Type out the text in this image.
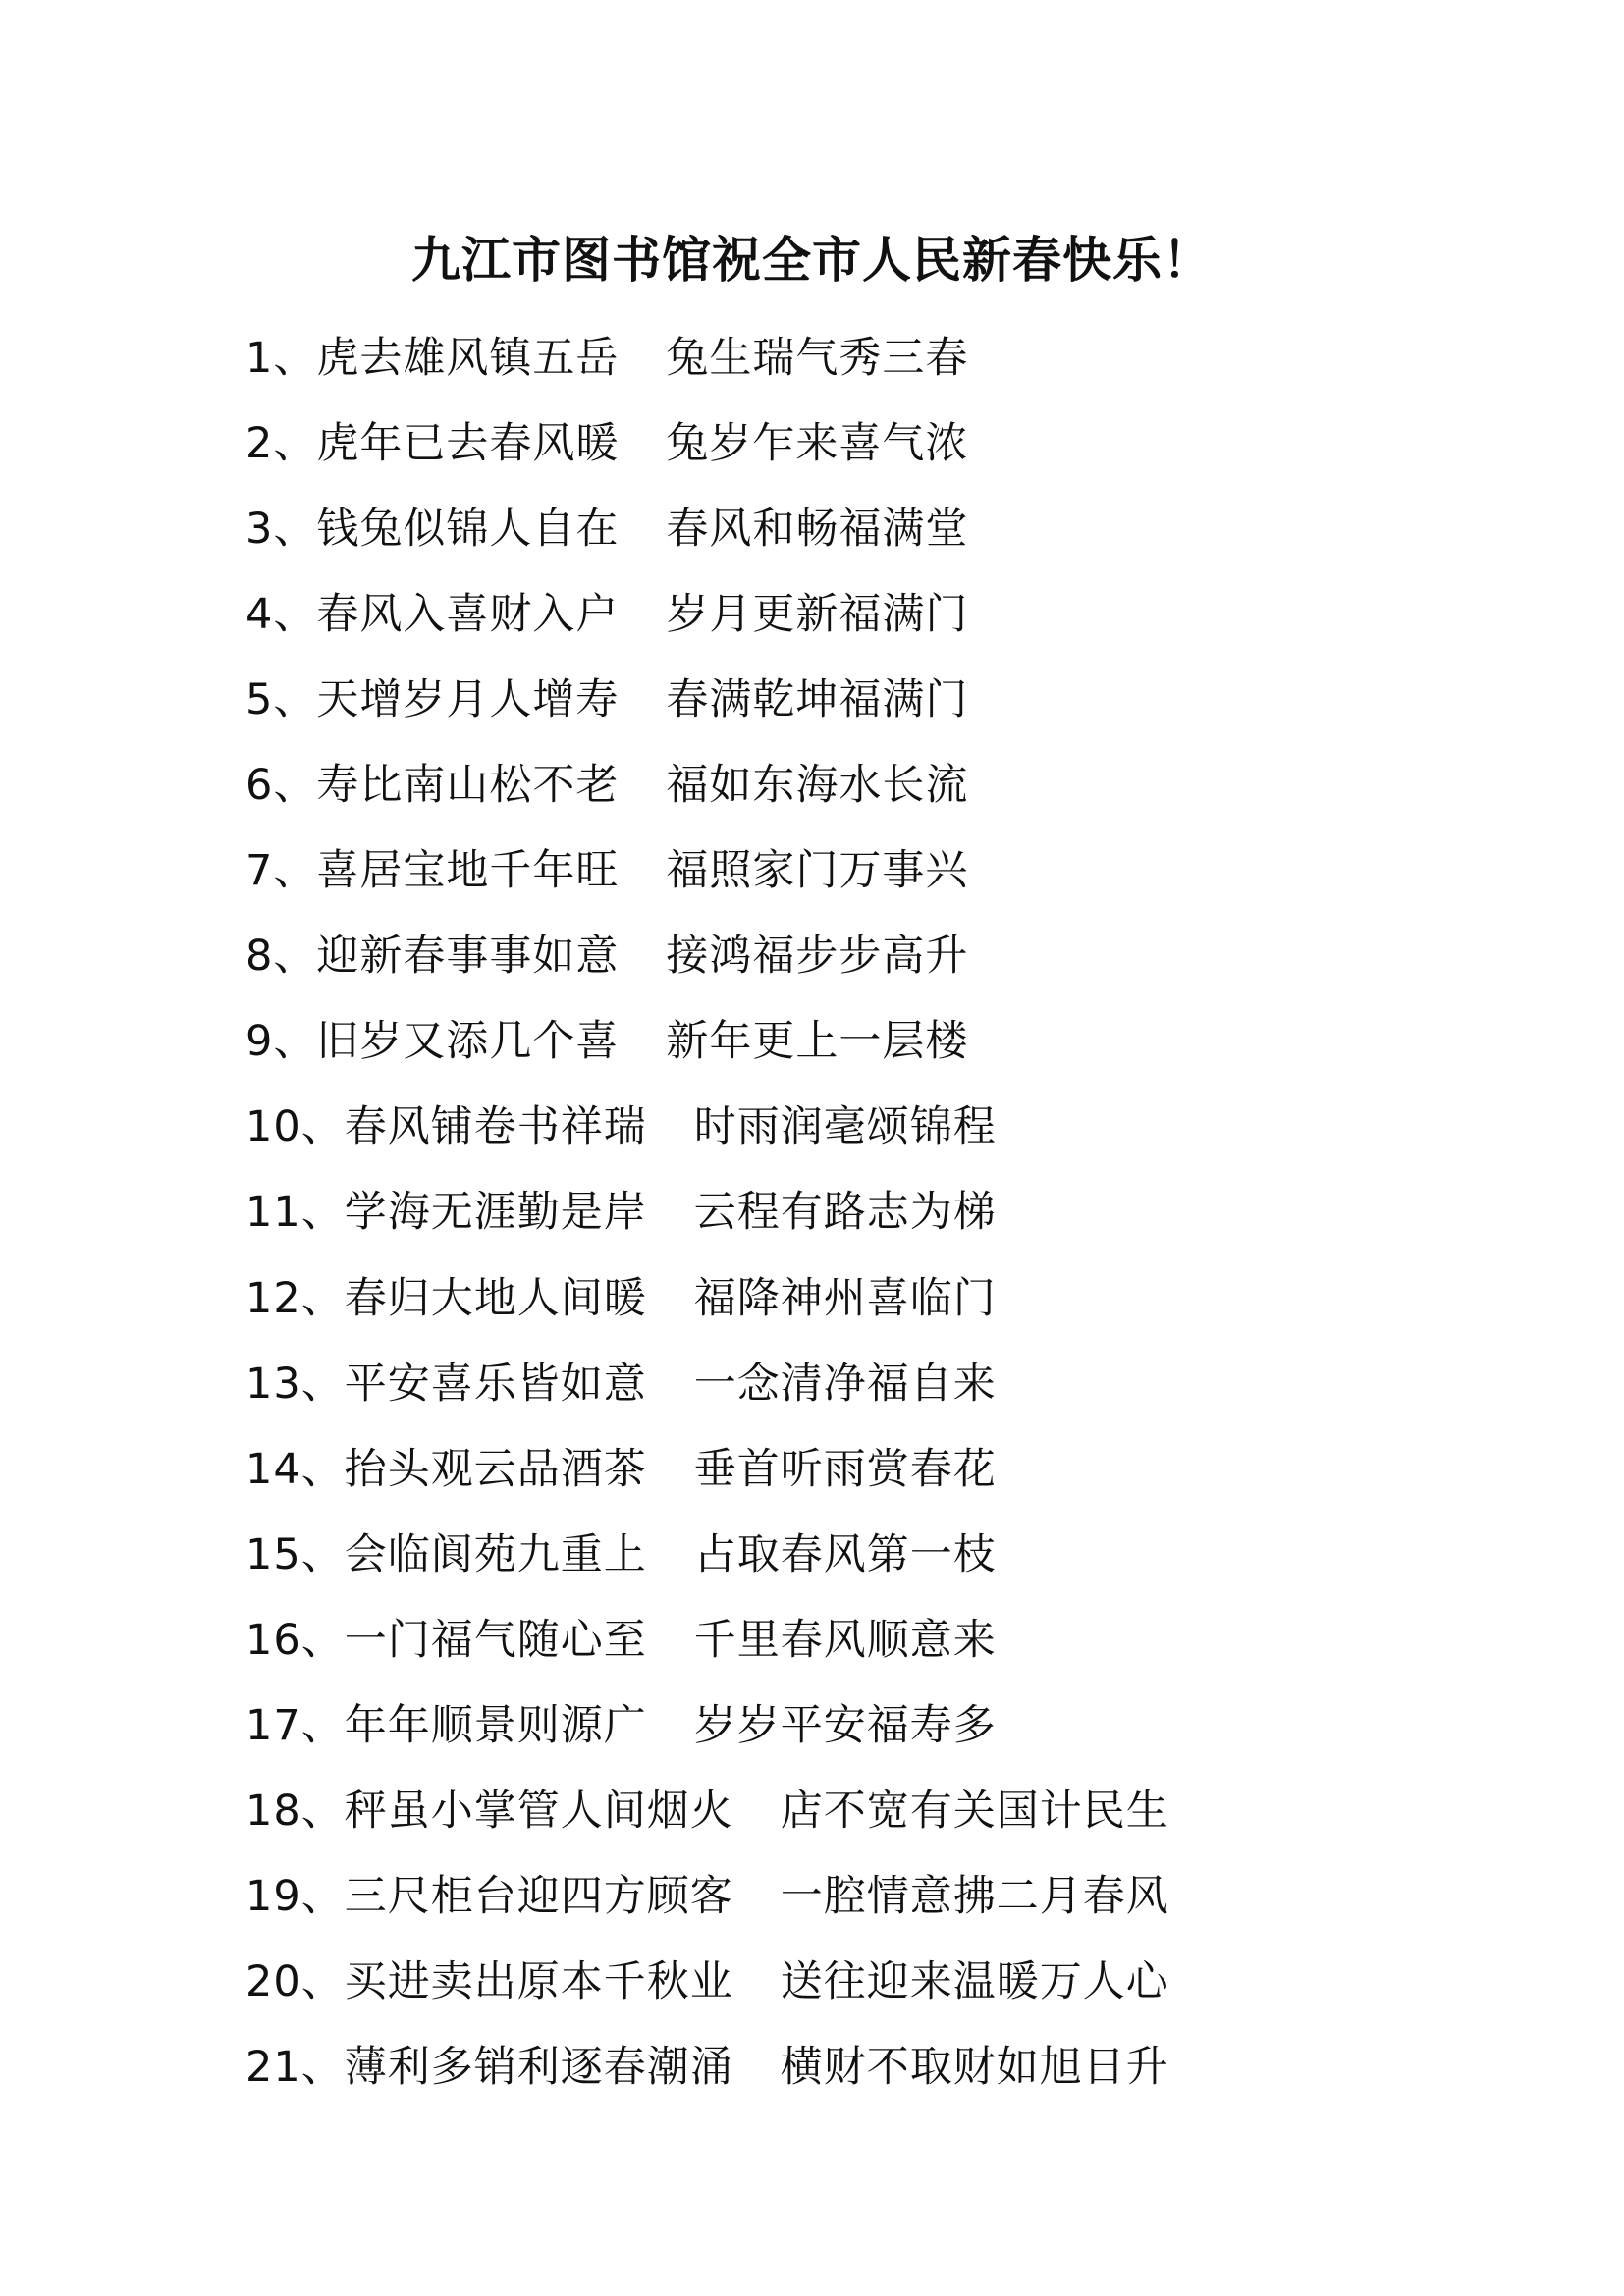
九江市图书馆祝全市人民新春快乐！
1、 虎去雄风镇五岳 兔生瑞气秀三春
2、 虎年已去春风暖 兔岁乍来喜气浓
3、 钱兔似锦人自在 春风和畅福满堂
4、 春风入喜财入户 岁月更新福满门
5、 天增岁月人增寿 春满乾坤福满门
6、 寿比南山松不老 福如东海水长流
7、 喜居宝地千年旺 福照家门万事兴
8、 迎新春事事如意 接鸿福步步高升
9、 旧岁又添几个喜 新年更上一层楼
10、 春风铺卷书祥瑞 时雨润毫颂锦程
11、 学海无涯勤是岸 云程有路志为梯
12、 春归大地人间暖 福降神州喜临门
13、 平安喜乐皆如意 一念清净福自来
14、 抬头观云品酒茶 垂首听雨赏春花
15、 会临阆苑九重上 占取春风第一枝
16、 一门福气随心至 千里春风顺意来
17、 年年顺景则源广 岁岁平安福寿多
18、 秤虽小掌管人间烟火 店不宽有关国计民生
19、 三尺柜台迎四方顾客 一腔情意拂二月春风
20、 买进卖出原本千秋业 送往迎来温暖万人心
21、 薄利多销利逐春潮涌 横财不取财如旭日升
